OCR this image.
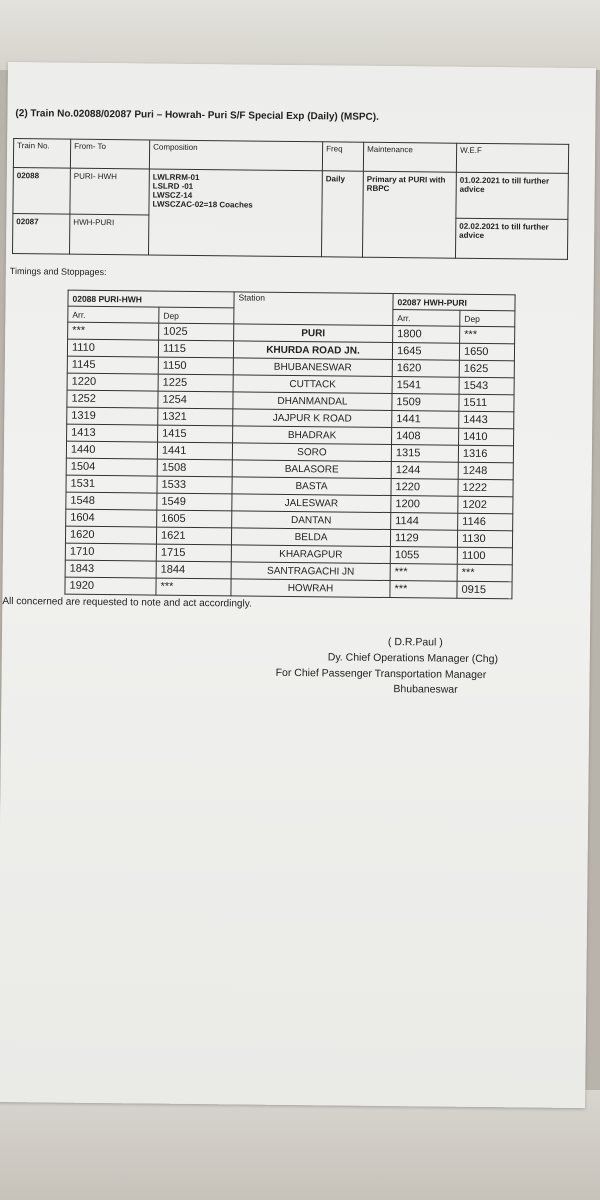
(2) Train No.02088/02087 Puri – Howrah- Puri S/F Special Exp (Daily) (MSPC).
Train No.	From- To	Composition	Freq	Maintenance	W.E.F
02088	PURI- HWH	LWLRRM-01
LSLRD -01
LWSCZ-14
LWSCZAC-02=18 Coaches	Daily	Primary at PURI with RBPC	01.02.2021 to till further advice
02087	HWH-PURI				02.02.2021 to till further advice
Timings and Stoppages:
02088 PURI-HWH		Station	02087 HWH-PURI	
Arr.	Dep		Arr.	Dep
***	1025	PURI	1800	***
1110	1115	KHURDA ROAD JN.	1645	1650
1145	1150	BHUBANESWAR	1620	1625
1220	1225	CUTTACK	1541	1543
1252	1254	DHANMANDAL	1509	1511
1319	1321	JAJPUR K ROAD	1441	1443
1413	1415	BHADRAK	1408	1410
1440	1441	SORO	1315	1316
1504	1508	BALASORE	1244	1248
1531	1533	BASTA	1220	1222
1548	1549	JALESWAR	1200	1202
1604	1605	DANTAN	1144	1146
1620	1621	BELDA	1129	1130
1710	1715	KHARAGPUR	1055	1100
1843	1844	SANTRAGACHI JN	***	***
1920	***	HOWRAH	***	0915
All concerned are requested to note and act accordingly.
( D.R.Paul )
Dy. Chief Operations Manager (Chg)
For Chief Passenger Transportation Manager
Bhubaneswar
